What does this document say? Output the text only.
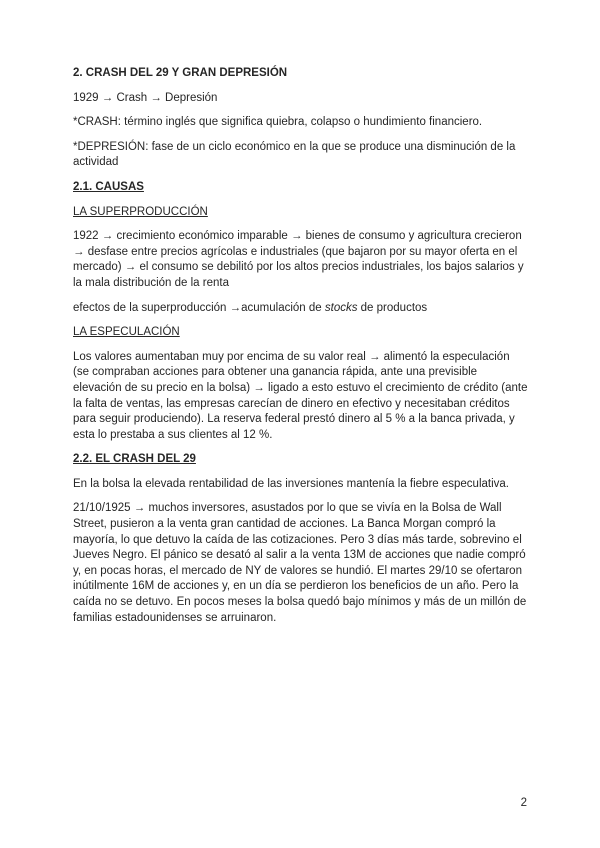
2. CRASH DEL 29 Y GRAN DEPRESIÓN

1929 → Crash → Depresión

*CRASH: término inglés que significa quiebra, colapso o hundimiento financiero.

*DEPRESIÓN: fase de un ciclo económico en la que se produce una disminución de la actividad

2.1. CAUSAS

LA SUPERPRODUCCIÓN

1922 → crecimiento económico imparable → bienes de consumo y agricultura crecieron → desfase entre precios agrícolas e industriales (que bajaron por su mayor oferta en el mercado) → el consumo se debilitó por los altos precios industriales, los bajos salarios y la mala distribución de la renta

efectos de la superproducción →acumulación de stocks de productos

LA ESPECULACIÓN

Los valores aumentaban muy por encima de su valor real → alimentó la especulación (se compraban acciones para obtener una ganancia rápida, ante una previsible elevación de su precio en la bolsa) → ligado a esto estuvo el crecimiento de crédito (ante la falta de ventas, las empresas carecían de dinero en efectivo y necesitaban créditos para seguir produciendo). La reserva federal prestó dinero al 5 % a la banca privada, y esta lo prestaba a sus clientes al 12 %.

2.2. EL CRASH DEL 29

En la bolsa la elevada rentabilidad de las inversiones mantenía la fiebre especulativa.

21/10/1925 → muchos inversores, asustados por lo que se vivía en la Bolsa de Wall Street, pusieron a la venta gran cantidad de acciones. La Banca Morgan compró la mayoría, lo que detuvo la caída de las cotizaciones. Pero 3 días más tarde, sobrevino el Jueves Negro. El pánico se desató al salir a la venta 13M de acciones que nadie compró y, en pocas horas, el mercado de NY de valores se hundió. El martes 29/10 se ofertaron inútilmente 16M de acciones y, en un día se perdieron los beneficios de un año. Pero la caída no se detuvo. En pocos meses la bolsa quedó bajo mínimos y más de un millón de familias estadounidenses se arruinaron.

2
